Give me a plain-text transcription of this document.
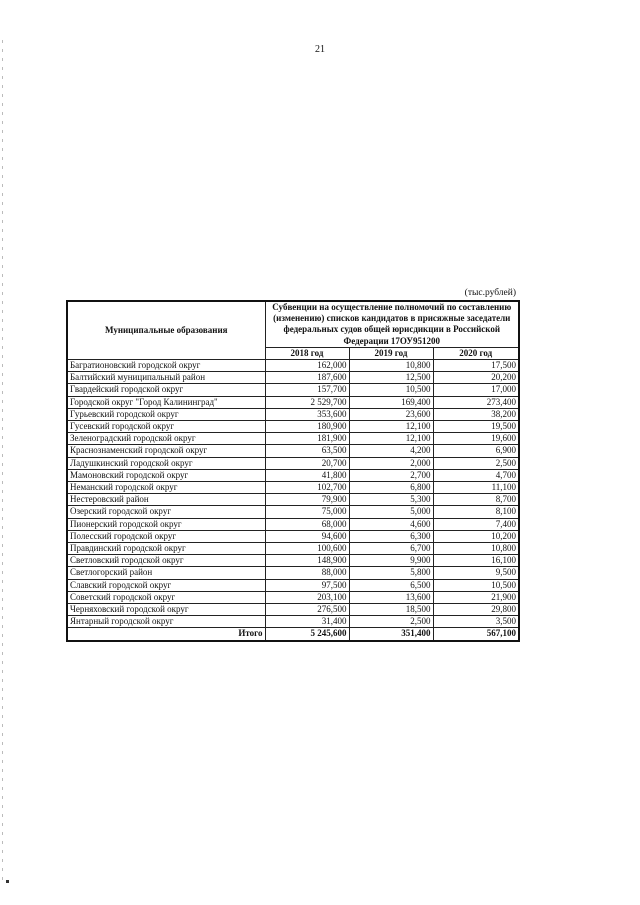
21
(тыс.рублей)
Муниципальные образования	Субвенции на осуществление полномочий по составлению (изменению) списков кандидатов в присяжные заседатели федеральных судов общей юрисдикции в Российской Федерации 17ОУ951200		
	2018 год	2019 год	2020 год
Багратионовский городской округ	162,000	10,800	17,500
Балтийский муниципальный район	187,600	12,500	20,200
Гвардейский городской округ	157,700	10,500	17,000
Городской округ "Город Калининград"	2 529,700	169,400	273,400
Гурьевский городской округ	353,600	23,600	38,200
Гусевский городской округ	180,900	12,100	19,500
Зеленоградский городской округ	181,900	12,100	19,600
Краснознаменский городской округ	63,500	4,200	6,900
Ладушкинский городской округ	20,700	2,000	2,500
Мамоновский городской округ	41,800	2,700	4,700
Неманский городской округ	102,700	6,800	11,100
Нестеровский район	79,900	5,300	8,700
Озерский городской округ	75,000	5,000	8,100
Пионерский городской округ	68,000	4,600	7,400
Полесский городской округ	94,600	6,300	10,200
Правдинский городской округ	100,600	6,700	10,800
Светловский городской округ	148,900	9,900	16,100
Светлогорский район	88,000	5,800	9,500
Славский городской округ	97,500	6,500	10,500
Советский городской округ	203,100	13,600	21,900
Черняховский городской округ	276,500	18,500	29,800
Янтарный городской округ	31,400	2,500	3,500
Итого	5 245,600	351,400	567,100
